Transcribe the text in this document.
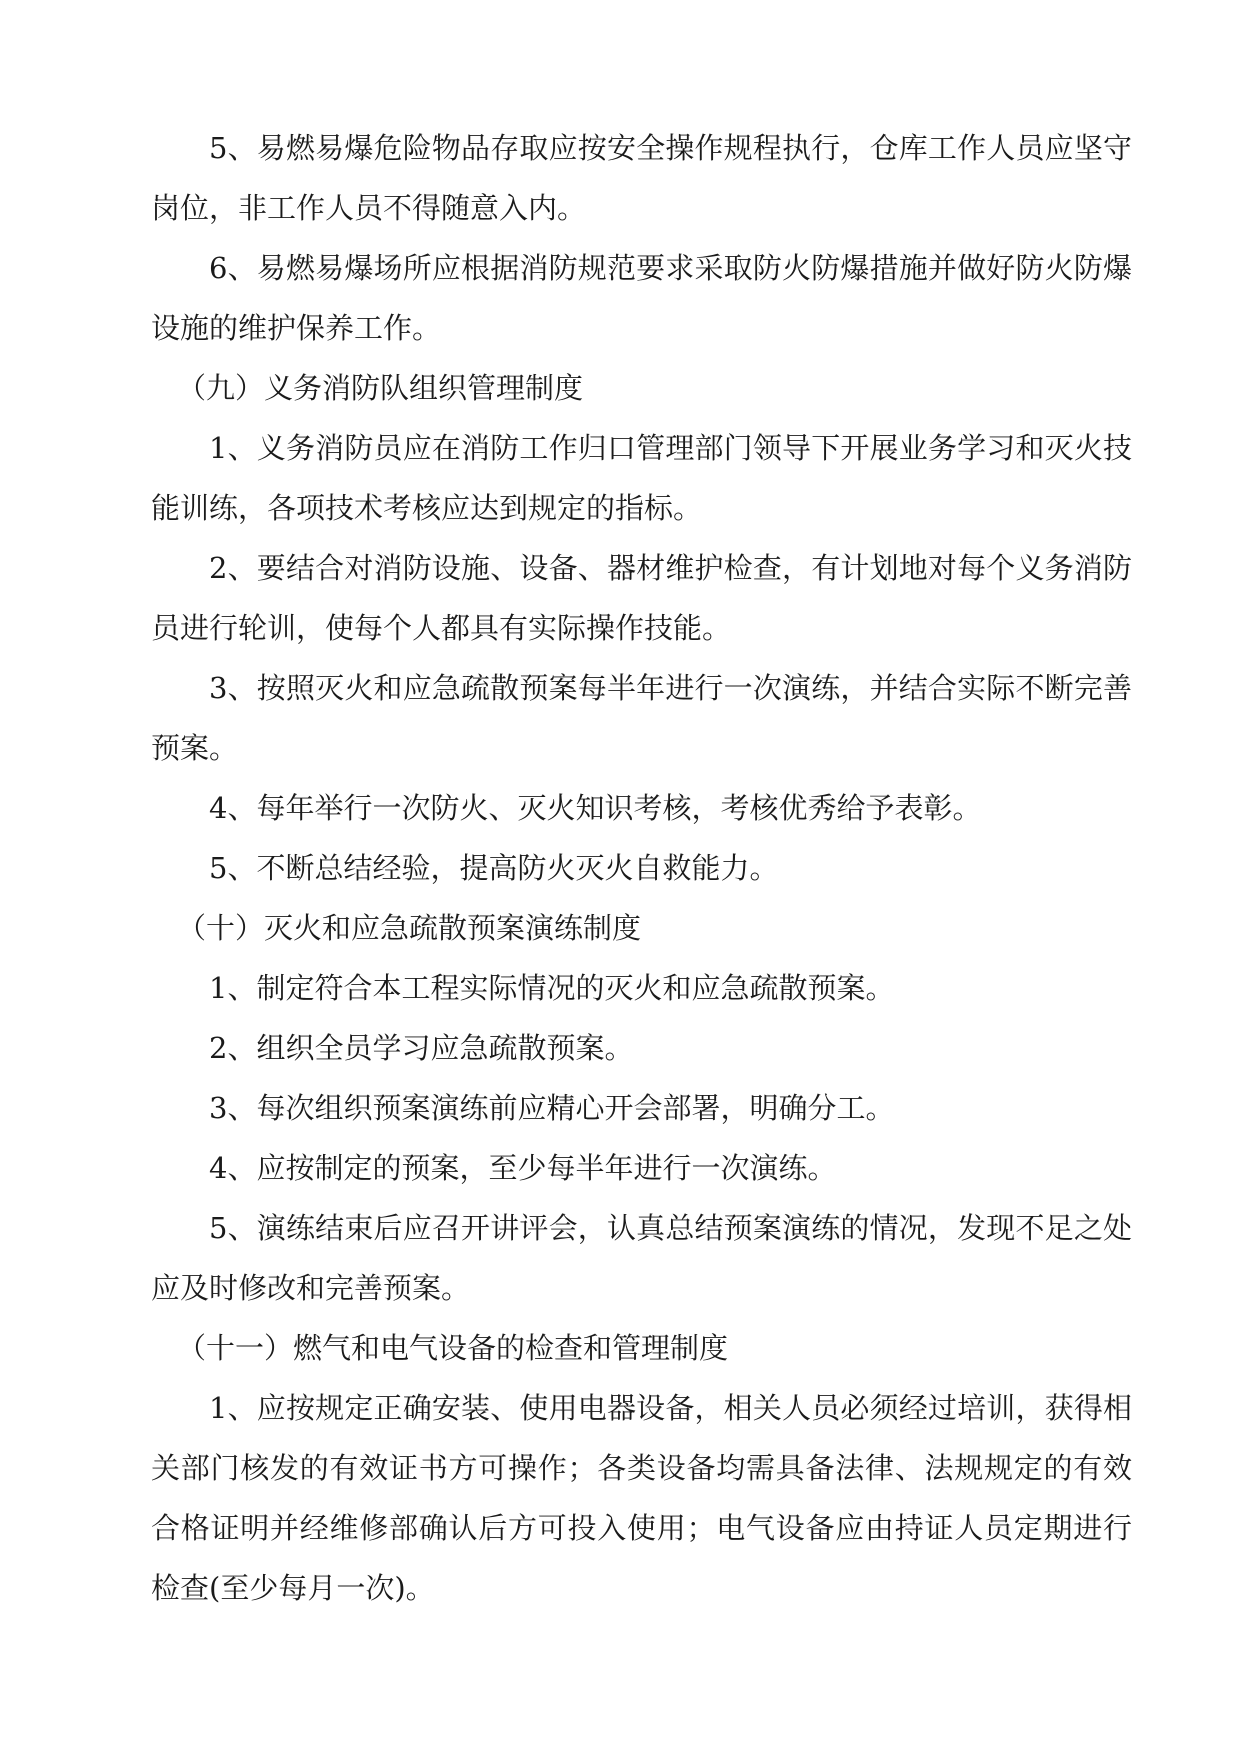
5、易燃易爆危险物品存取应按安全操作规程执行，仓库工作人员应坚守岗位，非工作人员不得随意入内。

6、易燃易爆场所应根据消防规范要求采取防火防爆措施并做好防火防爆设施的维护保养工作。

（九）义务消防队组织管理制度

1、义务消防员应在消防工作归口管理部门领导下开展业务学习和灭火技能训练，各项技术考核应达到规定的指标。

2、要结合对消防设施、设备、器材维护检查，有计划地对每个义务消防员进行轮训，使每个人都具有实际操作技能。

3、按照灭火和应急疏散预案每半年进行一次演练，并结合实际不断完善预案。

4、每年举行一次防火、灭火知识考核，考核优秀给予表彰。

5、不断总结经验，提高防火灭火自救能力。

（十）灭火和应急疏散预案演练制度

1、制定符合本工程实际情况的灭火和应急疏散预案。

2、组织全员学习应急疏散预案。

3、每次组织预案演练前应精心开会部署，明确分工。

4、应按制定的预案，至少每半年进行一次演练。

5、演练结束后应召开讲评会，认真总结预案演练的情况，发现不足之处应及时修改和完善预案。

（十一）燃气和电气设备的检查和管理制度

1、应按规定正确安装、使用电器设备，相关人员必须经过培训，获得相关部门核发的有效证书方可操作；各类设备均需具备法律、法规规定的有效合格证明并经维修部确认后方可投入使用；电气设备应由持证人员定期进行检查(至少每月一次)。
